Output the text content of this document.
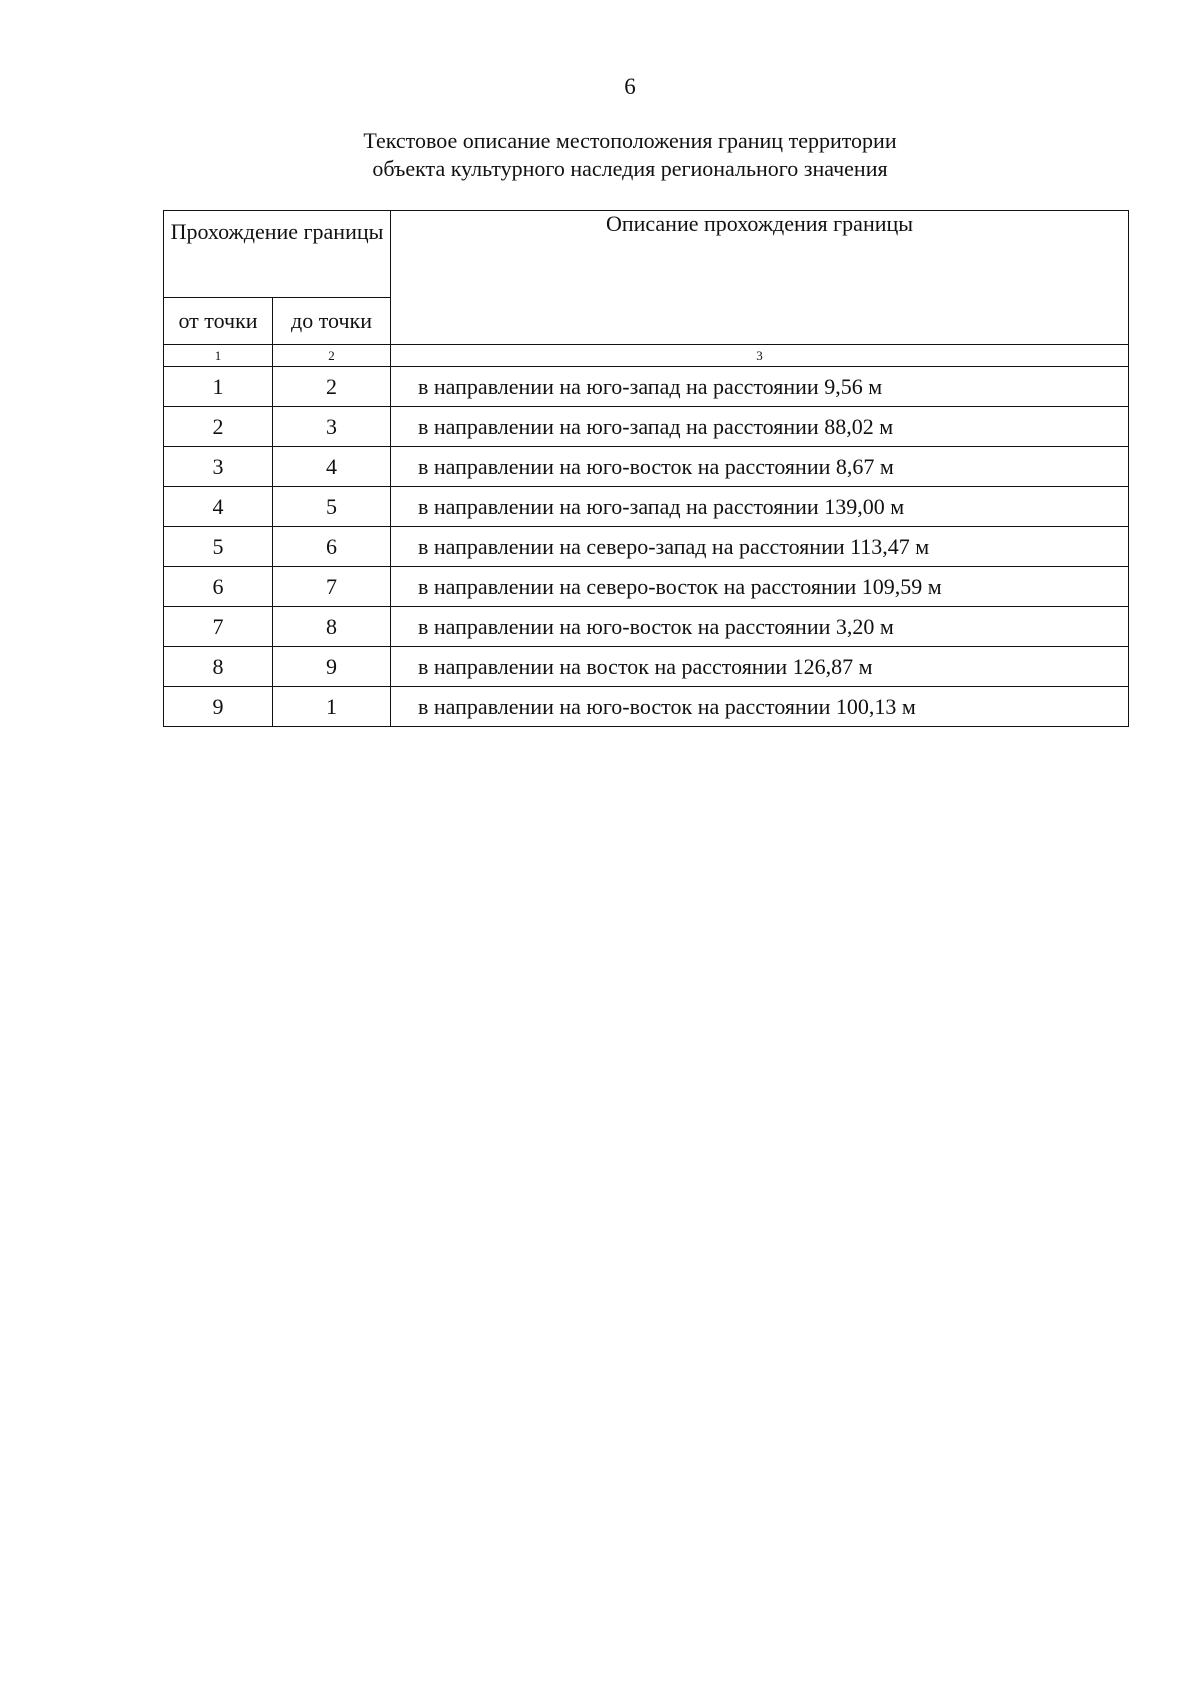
6
Текстовое описание местоположения границ территории
объекта культурного наследия регионального значения
Прохождение границы		Описание прохождения границы
от точки	до точки	
1	2	3
1	2	в направлении на юго-запад на расстоянии 9,56 м
2	3	в направлении на юго-запад на расстоянии 88,02 м
3	4	в направлении на юго-восток на расстоянии 8,67 м
4	5	в направлении на юго-запад на расстоянии 139,00 м
5	6	в направлении на северо-запад на расстоянии 113,47 м
6	7	в направлении на северо-восток на расстоянии 109,59 м
7	8	в направлении на юго-восток на расстоянии 3,20 м
8	9	в направлении на восток на расстоянии 126,87 м
9	1	в направлении на юго-восток на расстоянии 100,13 м
